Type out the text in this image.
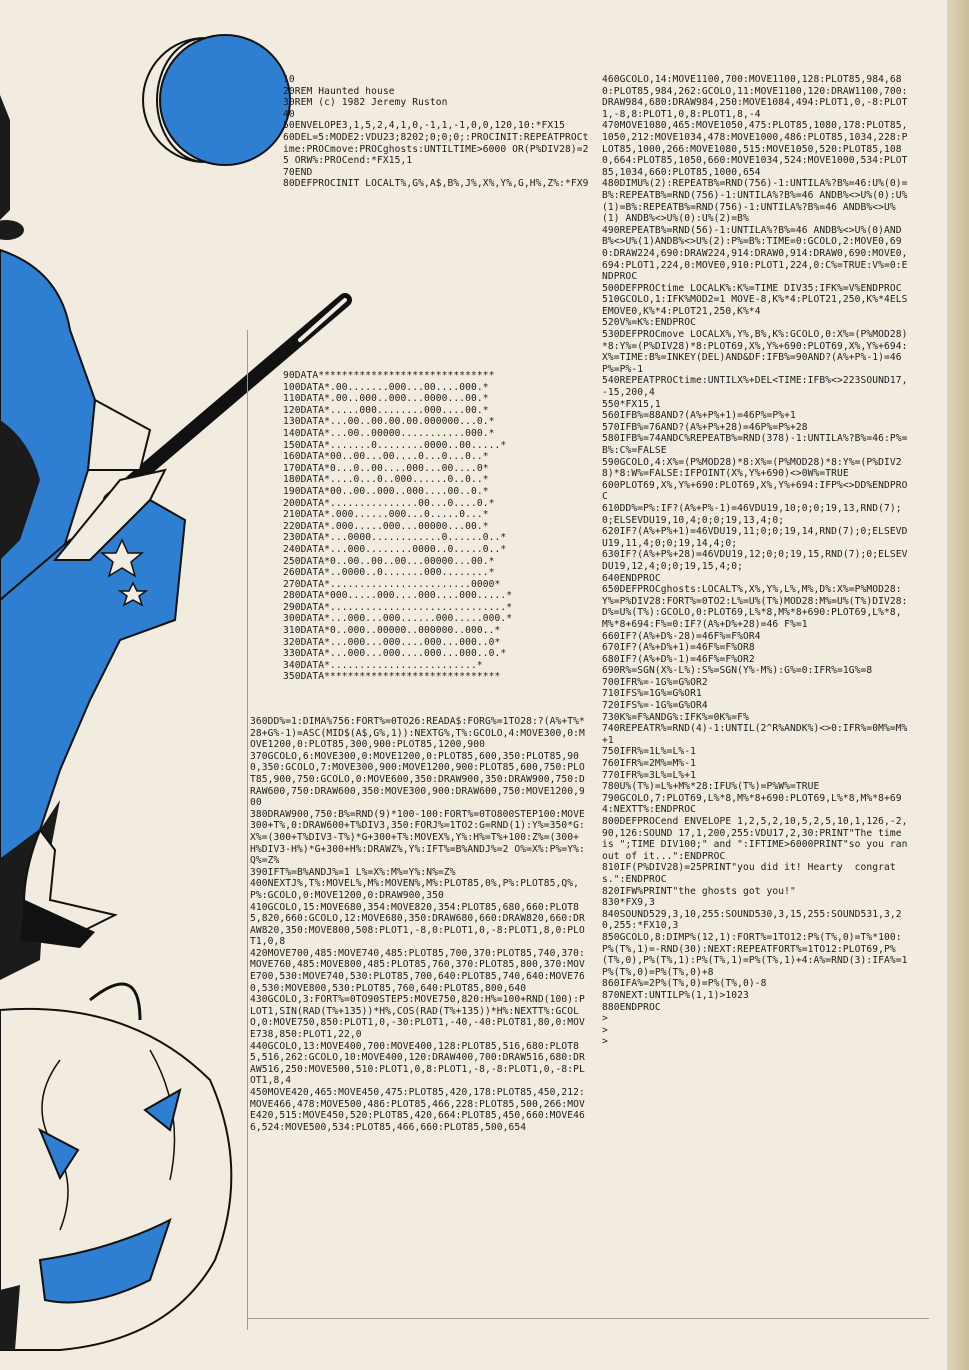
10
20REM Haunted house
30REM (c) 1982 Jeremy Ruston
40
50ENVELOPE3,1,5,2,4,1,0,-1,1,-1,0,0,120,10:*FX15
60DEL=5:MODE2:VDU23;8202;0;0;0;:PROCINIT:REPEATPROCtime:PROCmove:PROCghosts:UNTILTIME>6000 OR(P%DIV28)=25 ORW%:PROCend:*FX15,1
70END
80DEFPROCINIT LOCALT%,G%,A$,B%,J%,X%,Y%,G,H%,Z%:*FX9
90DATA******************************
100DATA*.00.......000...00....000.*
110DATA*.00..000..000...0000...00.*
120DATA*.....000........000....00.*
130DATA*...00..00.00.00.000000...0.*
140DATA*...00..00000...........000.*
150DATA*.......0........0000..00.....*
160DATA*00..00...00....0...0...0..*
170DATA*0...0..00....000...00....0*
180DATA*....0...0..000......0..0..*
190DATA*00..00..000..000....00..0.*
200DATA*...............00...0....0.*
210DATA*.000......000...0.....0...*
220DATA*.000.....000...00000...00.*
230DATA*...0000............0......0..*
240DATA*...000........0000..0.....0..*
250DATA*0..00..00..00...00000...00.*
260DATA*..0000..0.......000........*
270DATA*........................0000*
280DATA*000.....000....000....000.....*
290DATA*..............................*
300DATA*...000...000......000.....000.*
310DATA*0..000..00000..000000..000..*
320DATA*...000...000....000...000..0*
330DATA*...000...000....000...000..0.*
340DATA*.........................*
350DATA******************************
360DD%=1:DIMA%756:FORT%=0TO26:READA$:FORG%=1TO28:?(A%+T%*28+G%-1)=ASC(MID$(A$,G%,1)):NEXTG%,T%:GCOLO,4:MOVE300,0:MOVE1200,0:PLOT85,300,900:PLOT85,1200,900
370GCOLO,6:MOVE300,0:MOVE1200,0:PLOT85,600,350:PLOT85,900,350:GCOLO,7:MOVE300,900:MOVE1200,900:PLOT85,600,750:PLOT85,900,750:GCOLO,0:MOVE600,350:DRAW900,350:DRAW900,750:DRAW600,750:DRAW600,350:MOVE300,900:DRAW600,750:MOVE1200,900
380DRAW900,750:B%=RND(9)*100-100:FORT%=0TO800STEP100:MOVE300+T%,0:DRAW600+T%DIV3,350:FORJ%=1TO2:G=RND(1):Y%=350*G:X%=(300+T%DIV3-T%)*G+300+T%:MOVEX%,Y%:H%=T%+100:Z%=(300+H%DIV3-H%)*G+300+H%:DRAWZ%,Y%:IFT%=B%ANDJ%=2 O%=X%:P%=Y%:Q%=Z%
390IFT%=B%ANDJ%=1 L%=X%:M%=Y%:N%=Z%
400NEXTJ%,T%:MOVEL%,M%:MOVEN%,M%:PLOT85,0%,P%:PLOT85,Q%,P%:GCOLO,0:MOVE1200,0:DRAW900,350
410GCOLO,15:MOVE680,354:MOVE820,354:PLOT85,680,660:PLOT85,820,660:GCOLO,12:MOVE680,350:DRAW680,660:DRAW820,660:DRAW820,350:MOVE800,508:PLOT1,-8,0:PLOT1,0,-8:PLOT1,8,0:PLOT1,0,8
420MOVE700,485:MOVE740,485:PLOT85,700,370:PLOT85,740,370:MOVE760,485:MOVE800,485:PLOT85,760,370:PLOT85,800,370:MOVE700,530:MOVE740,530:PLOT85,700,640:PLOT85,740,640:MOVE760,530:MOVE800,530:PLOT85,760,640:PLOT85,800,640
430GCOLO,3:FORT%=0TO90STEP5:MOVE750,820:H%=100+RND(100):PLOT1,SIN(RAD(T%+135))*H%,COS(RAD(T%+135))*H%:NEXTT%:GCOLO,0:MOVE750,850:PLOT1,0,-30:PLOT1,-40,-40:PLOT81,80,0:MOVE738,850:PLOT1,22,0
440GCOLO,13:MOVE400,700:MOVE400,128:PLOT85,516,680:PLOT85,516,262:GCOLO,10:MOVE400,120:DRAW400,700:DRAW516,680:DRAW516,250:MOVE500,510:PLOT1,0,8:PLOT1,-8,-8:PLOT1,0,-8:PLOT1,8,4
450MOVE420,465:MOVE450,475:PLOT85,420,178:PLOT85,450,212:MOVE466,478:MOVE500,486:PLOT85,466,228:PLOT85,500,266:MOVE420,515:MOVE450,520:PLOT85,420,664:PLOT85,450,660:MOVE466,524:MOVE500,534:PLOT85,466,660:PLOT85,500,654
460GCOLO,14:MOVE1100,700:MOVE1100,128:PLOT85,984,680:PLOT85,984,262:GCOLO,11:MOVE1100,120:DRAW1100,700:DRAW984,680:DRAW984,250:MOVE1084,494:PLOT1,0,-8:PLOT1,-8,8:PLOT1,0,8:PLOT1,8,-4
470MOVE1080,465:MOVE1050,475:PLOT85,1080,178:PLOT85,1050,212:MOVE1034,478:MOVE1000,486:PLOT85,1034,228:PLOT85,1000,266:MOVE1080,515:MOVE1050,520:PLOT85,1080,664:PLOT85,1050,660:MOVE1034,524:MOVE1000,534:PLOT85,1034,660:PLOT85,1000,654
480DIMU%(2):REPEATB%=RND(756)-1:UNTILA%?B%=46:U%(0)=B%:REPEATB%=RND(756)-1:UNTILA%?B%=46 ANDB%<>U%(0):U%(1)=B%:REPEATB%=RND(756)-1:UNTILA%?B%=46 ANDB%<>U%(1) ANDB%<>U%(0):U%(2)=B%
490REPEATB%=RND(56)-1:UNTILA%?B%=46 ANDB%<>U%(0)ANDB%<>U%(1)ANDB%<>U%(2):P%=B%:TIME=0:GCOLO,2:MOVE0,690:DRAW224,690:DRAW224,914:DRAW0,914:DRAW0,690:MOVE0,694:PLOT1,224,0:MOVE0,910:PLOT1,224,0:C%=TRUE:V%=0:ENDPROC
500DEFPROCtime LOCALK%:K%=TIME DIV35:IFK%=V%ENDPROC
510GCOLO,1:IFK%MOD2=1 MOVE-8,K%*4:PLOT21,250,K%*4ELSEMOVE0,K%*4:PLOT21,250,K%*4
520V%=K%:ENDPROC
530DEFPROCmove LOCALX%,Y%,B%,K%:GCOLO,0:X%=(P%MOD28)*8:Y%=(P%DIV28)*8:PLOT69,X%,Y%+690:PLOT69,X%,Y%+694:X%=TIME:B%=INKEY(DEL)AND&DF:IFB%=90AND?(A%+P%-1)=46 P%=P%-1
540REPEATPROCtime:UNTILX%+DEL<TIME:IFB%<>223SOUND17,-15,200,4
550*FX15,1
560IFB%=88AND?(A%+P%+1)=46P%=P%+1
570IFB%=76AND?(A%+P%+28)=46P%=P%+28
580IFB%=74ANDC%REPEATB%=RND(378)-1:UNTILA%?B%=46:P%=B%:C%=FALSE
590GCOLO,4:X%=(P%MOD28)*8:X%=(P%MOD28)*8:Y%=(P%DIV28)*8:W%=FALSE:IFPOINT(X%,Y%+690)<>0W%=TRUE
600PLOT69,X%,Y%+690:PLOT69,X%,Y%+694:IFP%<>DD%ENDPROC
610DD%=P%:IF?(A%+P%-1)=46VDU19,10;0;0;19,13,RND(7);0;ELSEVDU19,10,4;0;0;19,13,4;0;
620IF?(A%+P%+1)=46VDU19,11;0;0;19,14,RND(7);0;ELSEVDU19,11,4;0;0;19,14,4;0;
630IF?(A%+P%+28)=46VDU19,12;0;0;19,15,RND(7);0;ELSEVDU19,12,4;0;0;19,15,4;0;
640ENDPROC
650DEFPROCghosts:LOCALT%,X%,Y%,L%,M%,D%:X%=P%MOD28:Y%=P%DIV28:FORT%=0TO2:L%=U%(T%)MOD28:M%=U%(T%)DIV28:D%=U%(T%):GCOLO,0:PLOT69,L%*8,M%*8+690:PLOT69,L%*8,M%*8+694:F%=0:IF?(A%+D%+28)=46 F%=1
660IF?(A%+D%-28)=46F%=F%OR4
670IF?(A%+D%+1)=46F%=F%OR8
680IF?(A%+D%-1)=46F%=F%OR2
690R%=SGN(X%-L%):S%=SGN(Y%-M%):G%=0:IFR%=1G%=8
700IFR%=-1G%=G%OR2
710IFS%=1G%=G%OR1
720IFS%=-1G%=G%OR4
730K%=F%ANDG%:IFK%=0K%=F%
740REPEATR%=RND(4)-1:UNTIL(2^R%ANDK%)<>0:IFR%=0M%=M%+1
750IFR%=1L%=L%-1
760IFR%=2M%=M%-1
770IFR%=3L%=L%+1
780U%(T%)=L%+M%*28:IFU%(T%)=P%W%=TRUE
790GCOLO,7:PLOT69,L%*8,M%*8+690:PLOT69,L%*8,M%*8+694:NEXTT%:ENDPROC
800DEFPROCend ENVELOPE 1,2,5,2,10,5,2,5,10,1,126,-2,90,126:SOUND 17,1,200,255:VDU17,2,30:PRINT"The time is ";TIME DIV100;" and ":IFTIME>6000PRINT"so you ran out of it...":ENDPROC
810IF(P%DIV28)=25PRINT"you did it! Hearty  congrats.":ENDPROC
820IFW%PRINT"the ghosts got you!"
830*FX9,3
840SOUND529,3,10,255:SOUND530,3,15,255:SOUND531,3,20,255:*FX10,3
850GCOLO,8:DIMP%(12,1):FORT%=1TO12:P%(T%,0)=T%*100:P%(T%,1)=-RND(30):NEXT:REPEATFORT%=1TO12:PLOT69,P%(T%,0),P%(T%,1):P%(T%,1)=P%(T%,1)+4:A%=RND(3):IFA%=1P%(T%,0)=P%(T%,0)+8
860IFA%=2P%(T%,0)=P%(T%,0)-8
870NEXT:UNTILP%(1,1)>1023
880ENDPROC
>
>
>
